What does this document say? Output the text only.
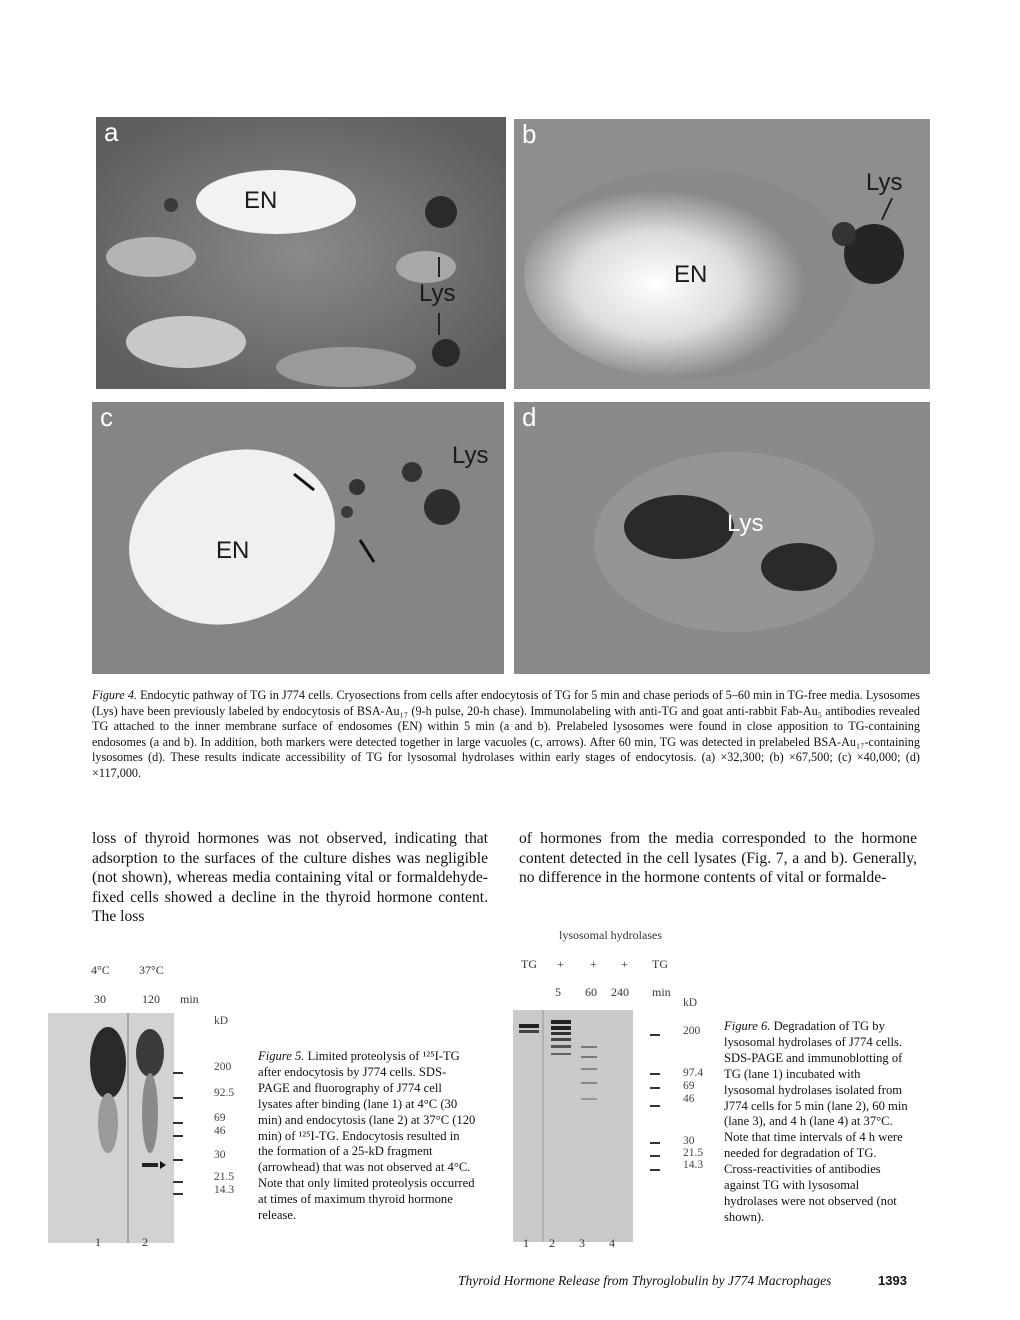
a
EN
Lys
b
EN
Lys
c
EN
Lys
d
Lys
Figure 4. Endocytic pathway of TG in J774 cells. Cryosections from cells after endocytosis of TG for 5 min and chase periods of 5–60 min in TG-free media. Lysosomes (Lys) have been previously labeled by endocytosis of BSA-Au₁₇ (9-h pulse, 20-h chase). Immunolabeling with anti-TG and goat anti-rabbit Fab-Au₅ antibodies revealed TG attached to the inner membrane surface of endosomes (EN) within 5 min (a and b). Prelabeled lysosomes were found in close apposition to TG-containing endosomes (a and b). In addition, both markers were detected together in large vacuoles (c, arrows). After 60 min, TG was detected in prelabeled BSA-Au₁₇-containing lysosomes (d). These results indicate accessibility of TG for lysosomal hydrolases within early stages of endocytosis. (a) ×32,300; (b) ×67,500; (c) ×40,000; (d) ×117,000.
loss of thyroid hormones was not observed, indicating that adsorption to the surfaces of the culture dishes was negligible (not shown), whereas media containing vital or formaldehyde-fixed cells showed a decline in the thyroid hormone content. The loss
of hormones from the media corresponded to the hormone content detected in the cell lysates (Fig. 7, a and b). Generally, no difference in the hormone contents of vital or formalde-
4°C 37°C
30	120 min
kD
200
92.5
69
46
30
21.5
14.3
1	2
Figure 5. Limited proteolysis of ¹²⁵I-TG after endocytosis by J774 cells. SDS-PAGE and fluorography of J774 cell lysates after binding (lane 1) at 4°C (30 min) and endocytosis (lane 2) at 37°C (120 min) of ¹²⁵I-TG. Endocytosis resulted in the formation of a 25-kD fragment (arrowhead) that was not observed at 4°C. Note that only limited proteolysis occurred at times of maximum thyroid hormone release.
lysosomal hydrolases
TG + + + TG
5 60 240 min
kD
200
97.4
69
46
30
21.5
14.3
1 2 3 4
Figure 6. Degradation of TG by lysosomal hydrolases of J774 cells. SDS-PAGE and immunoblotting of TG (lane 1) incubated with lysosomal hydrolases isolated from J774 cells for 5 min (lane 2), 60 min (lane 3), and 4 h (lane 4) at 37°C. Note that time intervals of 4 h were needed for degradation of TG. Cross-reactivities of antibodies against TG with lysosomal hydrolases were not observed (not shown).
Thyroid Hormone Release from Thyroglobulin by J774 Macrophages	1393
